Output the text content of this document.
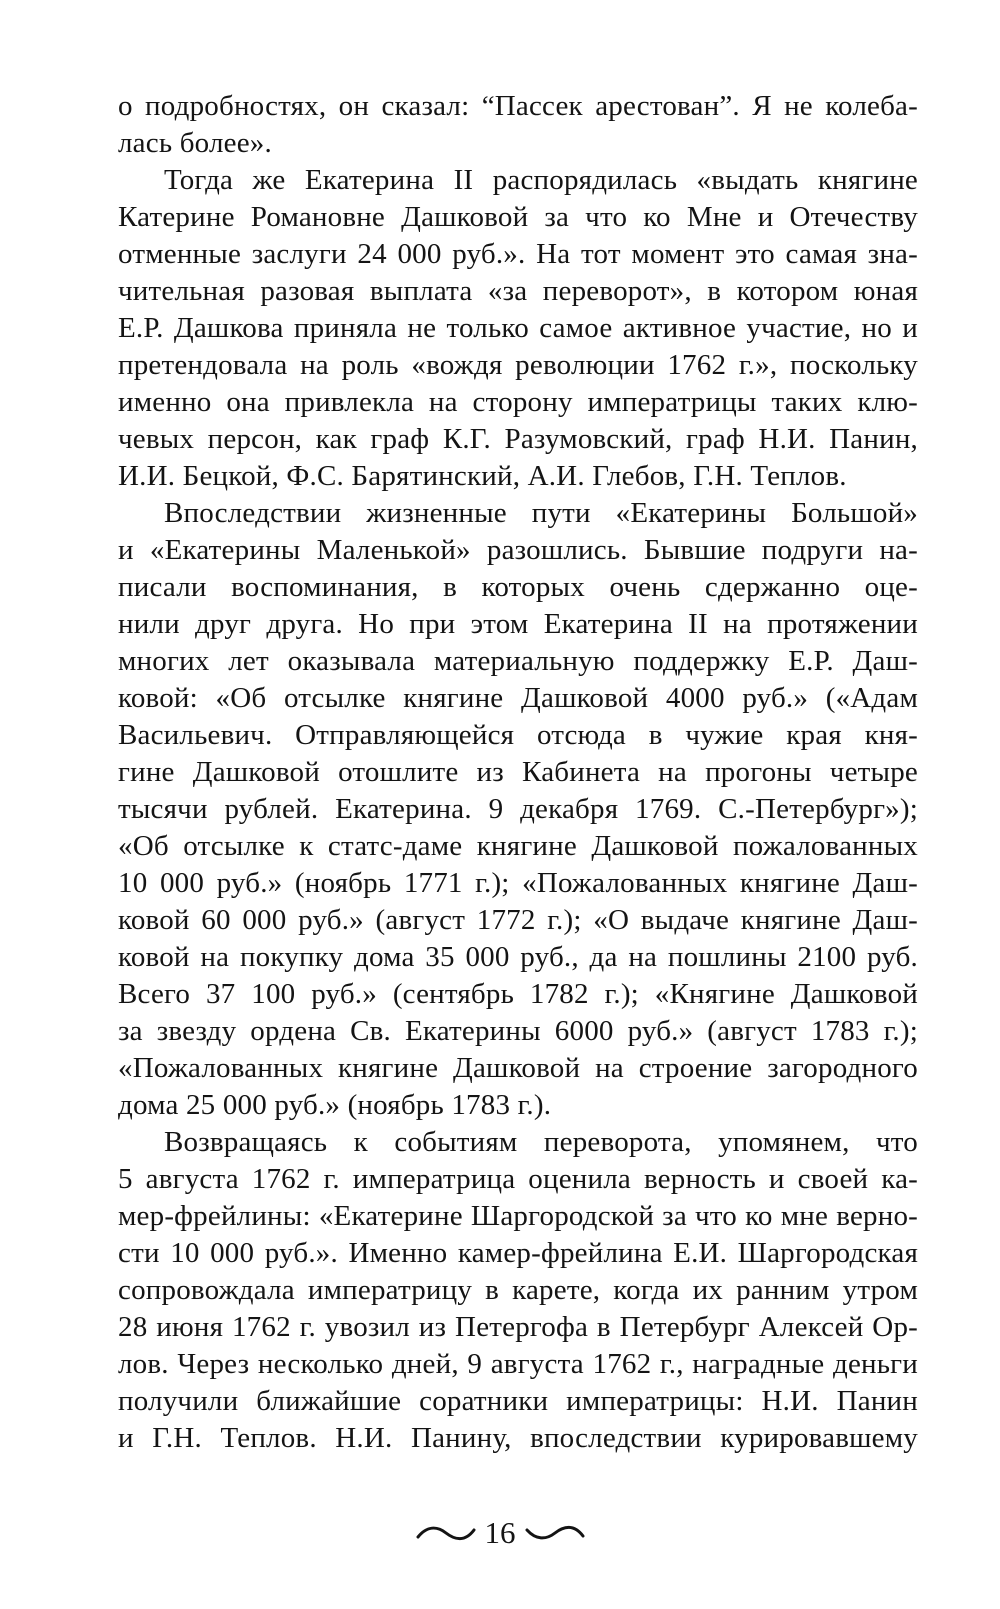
о подробностях, он сказал: “Пассек арестован”. Я не колеба-
лась более».
Тогда же Екатерина II распорядилась «выдать княгине
Катерине Романовне Дашковой за что ко Мне и Отечеству
отменные заслуги 24 000 руб.». На тот момент это самая зна-
чительная разовая выплата «за переворот», в котором юная
Е.Р. Дашкова приняла не только самое активное участие, но и
претендовала на роль «вождя революции 1762 г.», поскольку
именно она привлекла на сторону императрицы таких клю-
чевых персон, как граф К.Г. Разумовский, граф Н.И. Панин,
И.И. Бецкой, Ф.С. Барятинский, А.И. Глебов, Г.Н. Теплов.
Впоследствии жизненные пути «Екатерины Большой»
и «Екатерины Маленькой» разошлись. Бывшие подруги на-
писали воспоминания, в которых очень сдержанно оце-
нили друг друга. Но при этом Екатерина II на протяжении
многих лет оказывала материальную поддержку Е.Р. Даш-
ковой: «Об отсылке княгине Дашковой 4000 руб.» («Адам
Васильевич. Отправляющейся отсюда в чужие края кня-
гине Дашковой отошлите из Кабинета на прогоны четыре
тысячи рублей. Екатерина. 9 декабря 1769. С.-Петербург»);
«Об отсылке к статс-даме княгине Дашковой пожалованных
10 000 руб.» (ноябрь 1771 г.); «Пожалованных княгине Даш-
ковой 60 000 руб.» (август 1772 г.); «О выдаче княгине Даш-
ковой на покупку дома 35 000 руб., да на пошлины 2100 руб.
Всего 37 100 руб.» (сентябрь 1782 г.); «Княгине Дашковой
за звезду ордена Св. Екатерины 6000 руб.» (август 1783 г.);
«Пожалованных княгине Дашковой на строение загородного
дома 25 000 руб.» (ноябрь 1783 г.).
Возвращаясь к событиям переворота, упомянем, что
5 августа 1762 г. императрица оценила верность и своей ка-
мер-фрейлины: «Екатерине Шаргородской за что ко мне верно-
сти 10 000 руб.». Именно камер-фрейлина Е.И. Шаргородская
сопровождала императрицу в карете, когда их ранним утром
28 июня 1762 г. увозил из Петергофа в Петербург Алексей Ор-
лов. Через несколько дней, 9 августа 1762 г., наградные деньги
получили ближайшие соратники императрицы: Н.И. Панин
и Г.Н. Теплов. Н.И. Панину, впоследствии курировавшему
16
